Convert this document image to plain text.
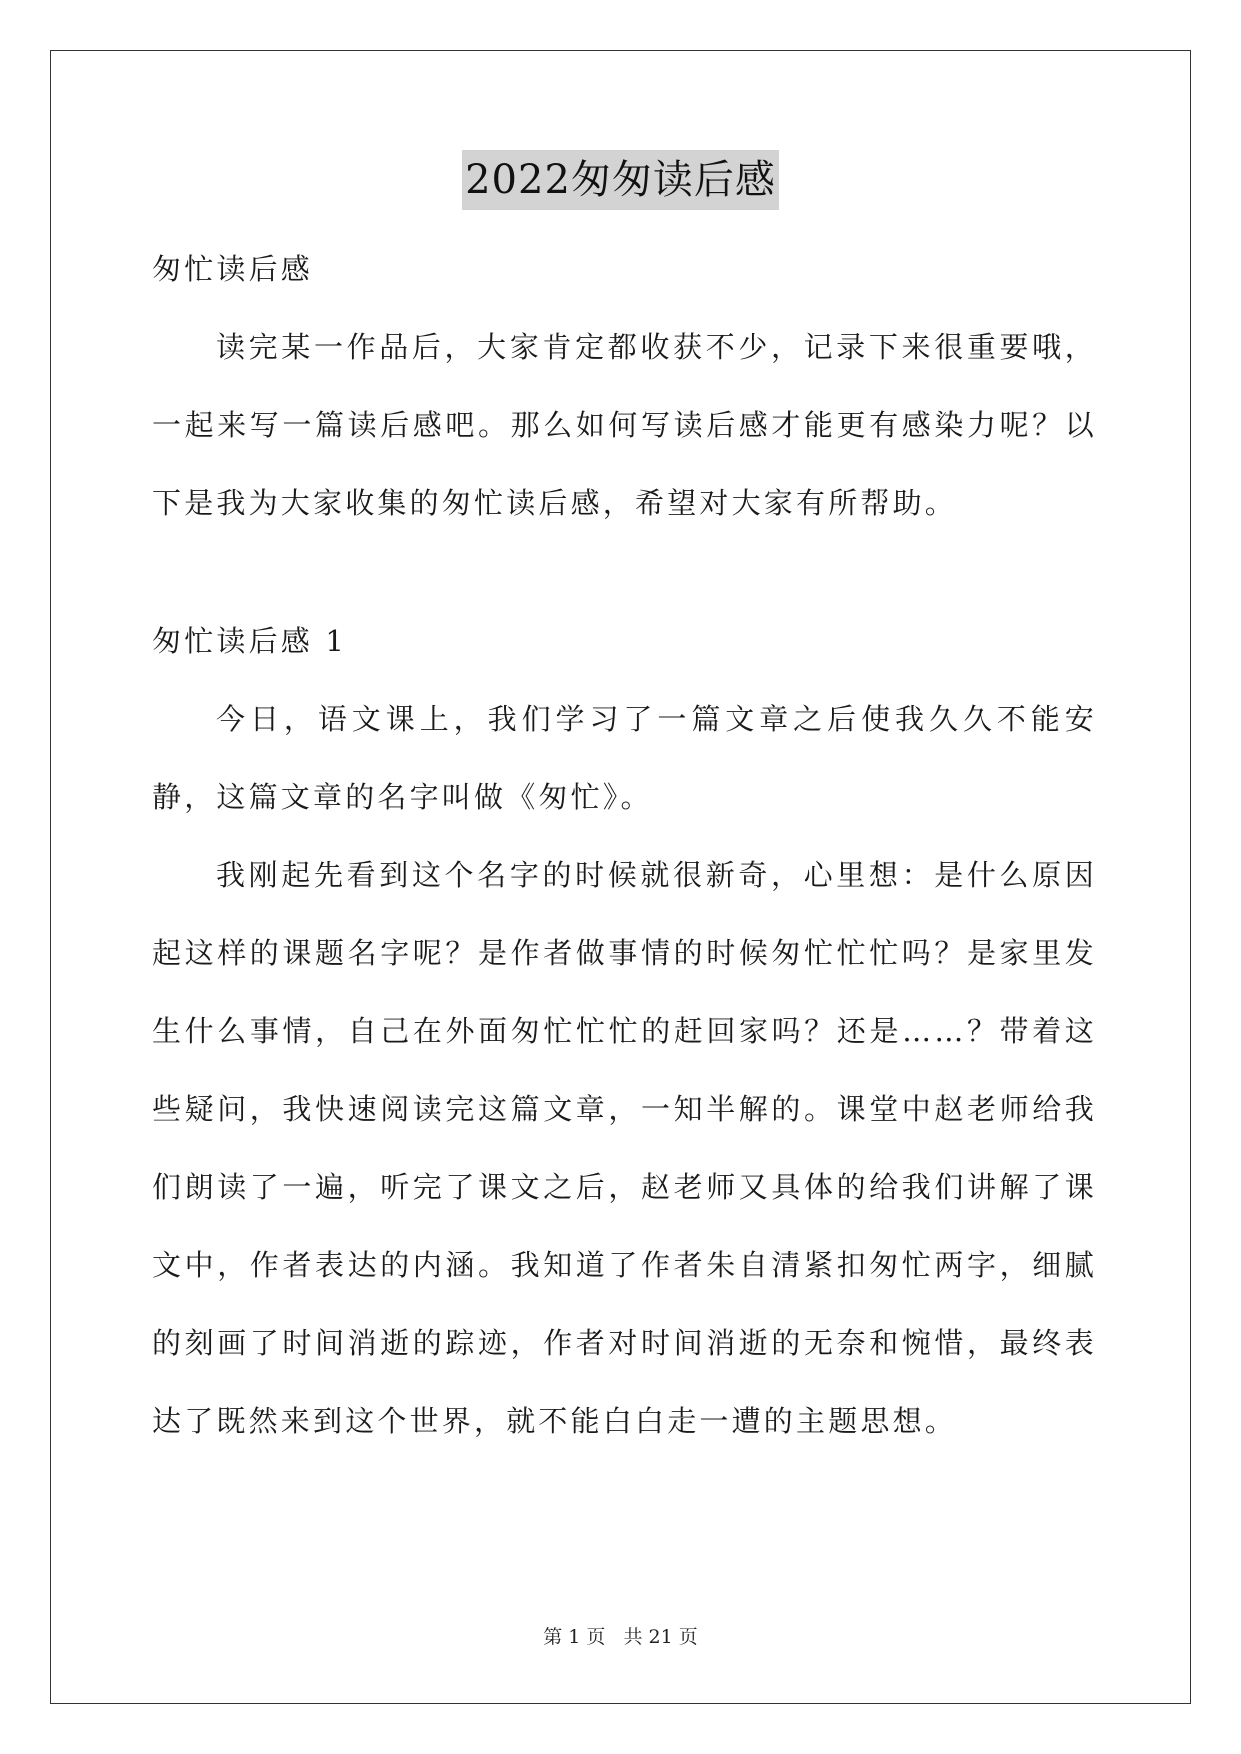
2022匆匆读后感

匆忙读后感

读完某一作品后，大家肯定都收获不少，记录下来很重要哦，一起来写一篇读后感吧。那么如何写读后感才能更有感染力呢？以下是我为大家收集的匆忙读后感，希望对大家有所帮助。

匆忙读后感 1

今日，语文课上，我们学习了一篇文章之后使我久久不能安静，这篇文章的名字叫做《匆忙》。

我刚起先看到这个名字的时候就很新奇，心里想：是什么原因起这样的课题名字呢？是作者做事情的时候匆忙忙忙吗？是家里发生什么事情，自己在外面匆忙忙忙的赶回家吗？还是……？带着这些疑问，我快速阅读完这篇文章，一知半解的。课堂中赵老师给我们朗读了一遍，听完了课文之后，赵老师又具体的给我们讲解了课文中，作者表达的内涵。我知道了作者朱自清紧扣匆忙两字，细腻的刻画了时间消逝的踪迹，作者对时间消逝的无奈和惋惜，最终表达了既然来到这个世界，就不能白白走一遭的主题思想。

第 1 页 共 21 页
